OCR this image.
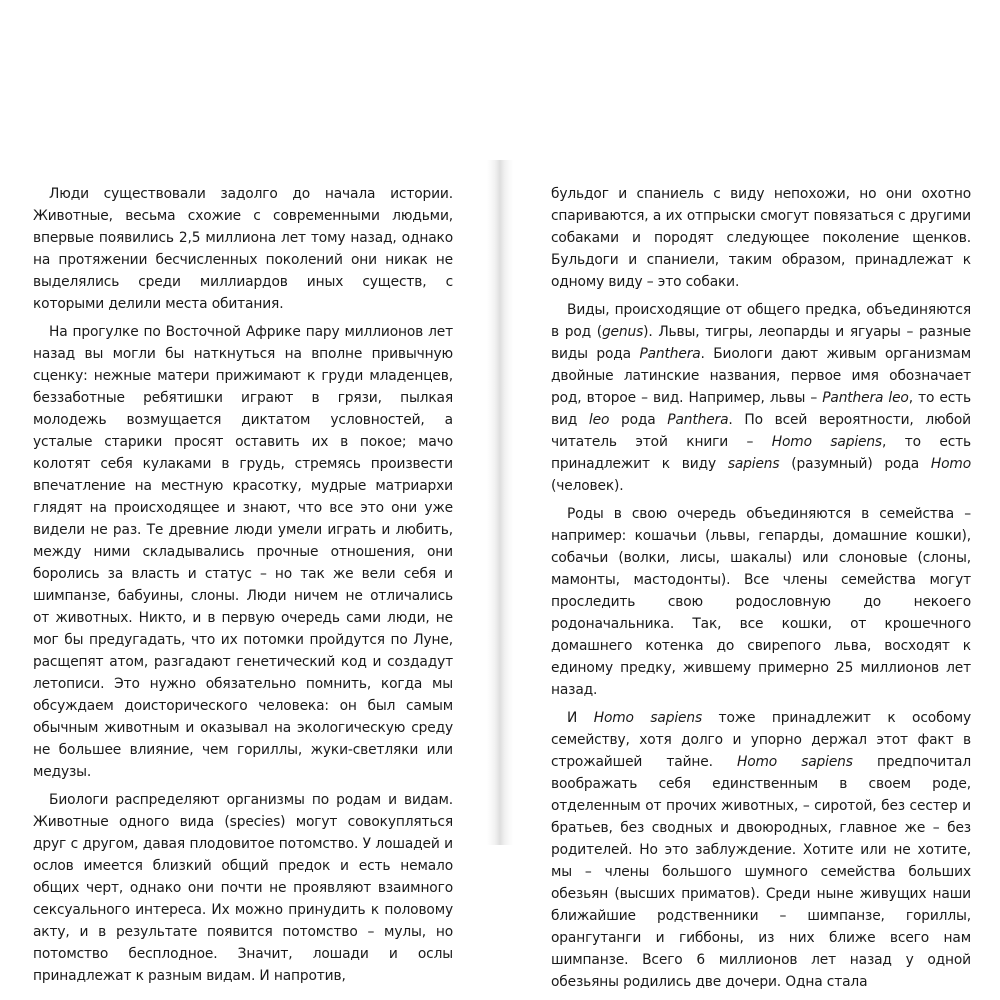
Люди существовали задолго до начала истории. Животные, весьма схожие с современными людьми, впервые появились 2,5 миллиона лет тому назад, однако на протяжении бесчисленных поколений они никак не выделялись среди миллиардов иных существ, с которыми делили места обитания.

На прогулке по Восточной Африке пару миллионов лет назад вы могли бы наткнуться на вполне привычную сценку: нежные матери прижимают к груди младенцев, беззаботные ребятишки играют в грязи, пылкая молодежь возмущается диктатом условностей, а усталые старики просят оставить их в покое; мачо колотят себя кулаками в грудь, стремясь произвести впечатление на местную красотку, мудрые матриархи глядят на происходящее и знают, что все это они уже видели не раз. Те древние люди умели играть и любить, между ними складывались прочные отношения, они боролись за власть и статус – но так же вели себя и шимпанзе, бабуины, слоны. Люди ничем не отличались от животных. Никто, и в первую очередь сами люди, не мог бы предугадать, что их потомки пройдутся по Луне, расщепят атом, разгадают генетический код и создадут летописи. Это нужно обязательно помнить, когда мы обсуждаем доисторического человека: он был самым обычным животным и оказывал на экологическую среду не большее влияние, чем гориллы, жуки-светляки или медузы.

Биологи распределяют организмы по родам и видам. Животные одного вида (species) могут совокупляться друг с другом, давая плодовитое потомство. У лошадей и ослов имеется близкий общий предок и есть немало общих черт, однако они почти не проявляют взаимного сексуального интереса. Их можно принудить к половому акту, и в результате появится потомство – мулы, но потомство бесплодное. Значит, лошади и ослы принадлежат к разным видам. И напротив,

бульдог и спаниель с виду непохожи, но они охотно спариваются, а их отпрыски смогут повязаться с другими собаками и породят следующее поколение щенков. Бульдоги и спаниели, таким образом, принадлежат к одному виду – это собаки.

Виды, происходящие от общего предка, объединяются в род (genus). Львы, тигры, леопарды и ягуары – разные виды рода Panthera. Биологи дают живым организмам двойные латинские названия, первое имя обозначает род, второе – вид. Например, львы – Panthera leo, то есть вид leo рода Panthera. По всей вероятности, любой читатель этой книги – Homo sapiens, то есть принадлежит к виду sapiens (разумный) рода Homo (человек).

Роды в свою очередь объединяются в семейства – например: кошачьи (львы, гепарды, домашние кошки), собачьи (волки, лисы, шакалы) или слоновые (слоны, мамонты, мастодонты). Все члены семейства могут проследить свою родословную до некоего родоначальника. Так, все кошки, от крошечного домашнего котенка до свирепого льва, восходят к единому предку, жившему примерно 25 миллионов лет назад.

И Homo sapiens тоже принадлежит к особому семейству, хотя долго и упорно держал этот факт в строжайшей тайне. Homo sapiens предпочитал воображать себя единственным в своем роде, отделенным от прочих животных, – сиротой, без сестер и братьев, без сводных и двоюродных, главное же – без родителей. Но это заблуждение. Хотите или не хотите, мы – члены большого шумного семейства больших обезьян (высших приматов). Среди ныне живущих наши ближайшие родственники – шимпанзе, гориллы, орангутанги и гиббоны, из них ближе всего нам шимпанзе. Всего 6 миллионов лет назад у одной обезьяны родились две дочери. Одна стала
